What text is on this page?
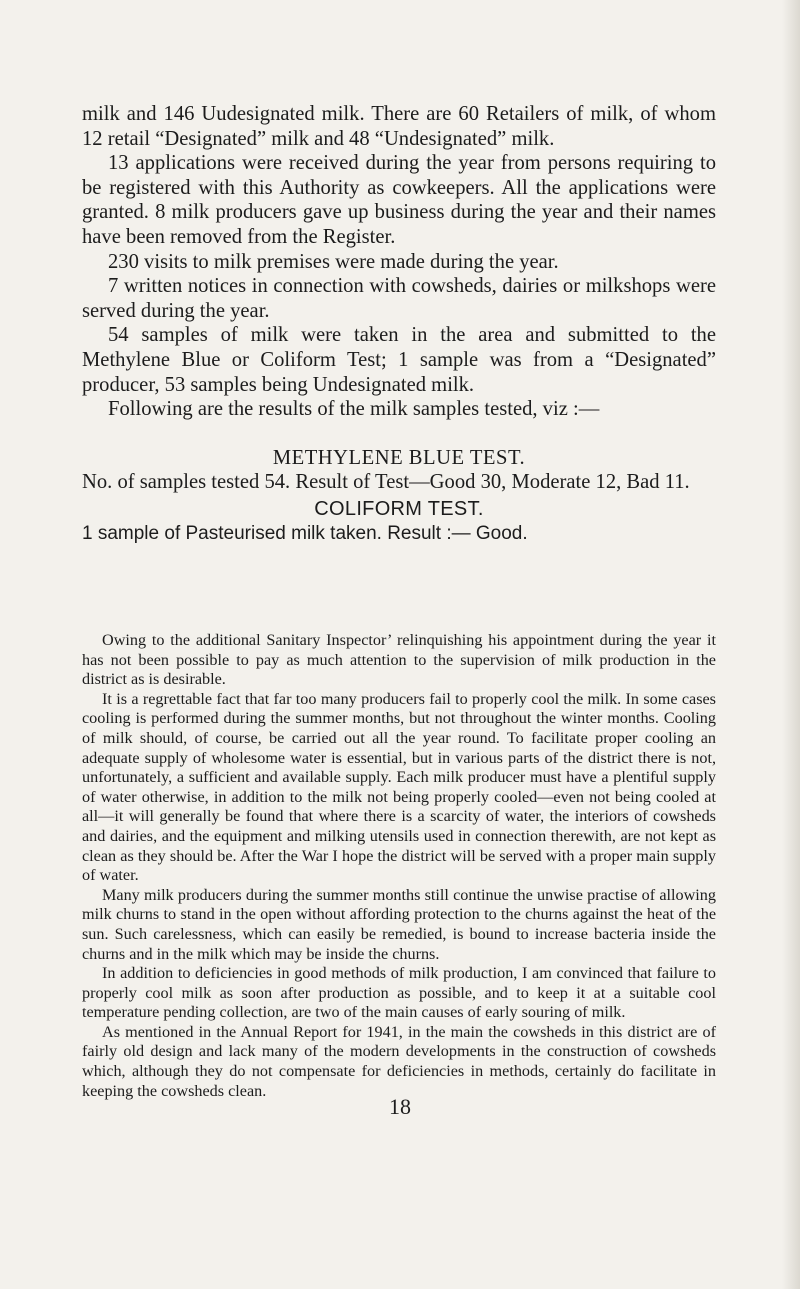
milk and 146 Uudesignated milk. There are 60 Retailers of milk, of whom 12 retail “Designated” milk and 48 “Undesignated” milk.

13 applications were received during the year from persons requiring to be registered with this Authority as cowkeepers. All the applications were granted. 8 milk producers gave up business during the year and their names have been removed from the Register.

230 visits to milk premises were made during the year.

7 written notices in connection with cowsheds, dairies or milkshops were served during the year.

54 samples of milk were taken in the area and submitted to the Methylene Blue or Coliform Test; 1 sample was from a “Designated” producer, 53 samples being Undesignated milk.

Following are the results of the milk samples tested, viz :—

METHYLENE BLUE TEST.

No. of samples tested 54. Result of Test—Good 30, Moderate 12, Bad 11.

COLIFORM TEST.

1 sample of Pasteurised milk taken. Result :— Good.

Owing to the additional Sanitary Inspector’ relinquishing his appointment during the year it has not been possible to pay as much attention to the supervision of milk production in the district as is desirable.

It is a regrettable fact that far too many producers fail to properly cool the milk. In some cases cooling is performed during the summer months, but not throughout the winter months. Cooling of milk should, of course, be carried out all the year round. To facilitate proper cooling an adequate supply of wholesome water is essential, but in various parts of the district there is not, unfortunately, a sufficient and available supply. Each milk producer must have a plentiful supply of water otherwise, in addition to the milk not being properly cooled—even not being cooled at all—it will generally be found that where there is a scarcity of water, the interiors of cowsheds and dairies, and the equipment and milking utensils used in connection therewith, are not kept as clean as they should be. After the War I hope the district will be served with a proper main supply of water.

Many milk producers during the summer months still continue the unwise practise of allowing milk churns to stand in the open without affording protection to the churns against the heat of the sun. Such carelessness, which can easily be remedied, is bound to increase bacteria inside the churns and in the milk which may be inside the churns.

In addition to deficiencies in good methods of milk production, I am convinced that failure to properly cool milk as soon after production as possible, and to keep it at a suitable cool temperature pending collection, are two of the main causes of early souring of milk.

As mentioned in the Annual Report for 1941, in the main the cowsheds in this district are of fairly old design and lack many of the modern developments in the construction of cowsheds which, although they do not compensate for deficiencies in methods, certainly do facilitate in keeping the cowsheds clean.

18
